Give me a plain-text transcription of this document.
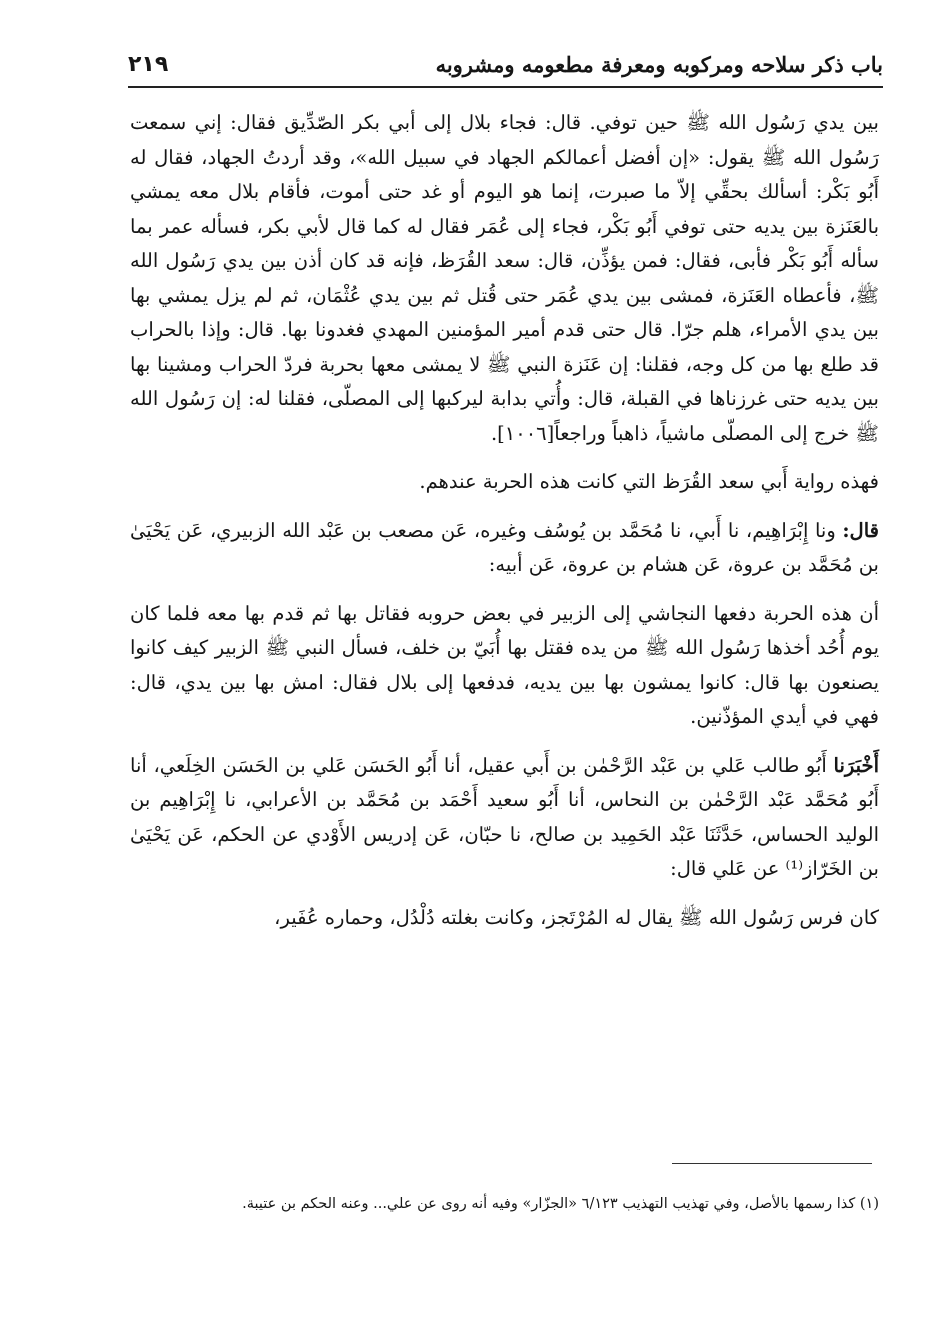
باب ذكر سلاحه ومركوبه ومعرفة مطعومه ومشروبه
٢١٩

بين يدي رَسُول الله ﷺ حين توفي. قال: فجاء بلال إلى أبي بكر الصّدِّيق فقال: إني سمعت رَسُول الله ﷺ يقول: «إن أفضل أعمالكم الجهاد في سبيل الله»، وقد أردتُ الجهاد، فقال له أَبُو بَكْر: أسألك بحقِّي إلاّ ما صبرت، إنما هو اليوم أو غد حتى أموت، فأقام بلال معه يمشي بالعَنَزة بين يديه حتى توفي أَبُو بَكْر، فجاء إلى عُمَر فقال له كما قال لأبي بكر، فسأله عمر بما سأله أَبُو بَكْر فأبى، فقال: فمن يؤذِّن، قال: سعد القُرَظ، فإنه قد كان أذن بين يدي رَسُول الله ﷺ، فأعطاه العَنَزة، فمشى بين يدي عُمَر حتى قُتل ثم بين يدي عُثْمَان، ثم لم يزل يمشي بها بين يدي الأمراء، هلم جرّا. قال حتى قدم أمير المؤمنين المهدي فغدونا بها. قال: وإذا بالحراب قد طلع بها من كل وجه، فقلنا: إن عَنَزة النبي ﷺ لا يمشى معها بحربة فردّ الحراب ومشينا بها بين يديه حتى غرزناها في القبلة، قال: وأُتي بدابة ليركبها إلى المصلّى، فقلنا له: إن رَسُول الله ﷺ خرج إلى المصلّى ماشياً، ذاهباً وراجعاً[١٠٠٦].

فهذه رواية أَبي سعد القُرَظ التي كانت هذه الحربة عندهم.

قال: ونا إِبْرَاهِيم، نا أَبي، نا مُحَمَّد بن يُوسُف وغيره، عَن مصعب بن عَبْد الله الزبيري، عَن يَحْيَىٰ بن مُحَمَّد بن عروة، عَن هشام بن عروة، عَن أبيه:

أن هذه الحربة دفعها النجاشي إلى الزبير في بعض حروبه فقاتل بها ثم قدم بها معه فلما كان يوم أُحُد أخذها رَسُول الله ﷺ من يده فقتل بها أُبَيّ بن خلف، فسأل النبي ﷺ الزبير كيف كانوا يصنعون بها قال: كانوا يمشون بها بين يديه، فدفعها إلى بلال فقال: امش بها بين يدي، قال: فهي في أيدي المؤذّنين.

أَخْبَرَنا أَبُو طالب عَلي بن عَبْد الرَّحْمٰن بن أَبي عقيل، أنا أَبُو الحَسَن عَلي بن الحَسَن الخِلَعي، أنا أَبُو مُحَمَّد عَبْد الرَّحْمٰن بن النحاس، أنا أَبُو سعيد أَحْمَد بن مُحَمَّد بن الأعرابي، نا إِبْرَاهِيم بن الوليد الحساس، حَدَّثَنَا عَبْد الحَمِيد بن صالح، نا حبّان، عَن إدريس الأَوْدي عن الحكم، عَن يَحْيَىٰ بن الخَرّاز⁽¹⁾ عن عَلي قال:

كان فرس رَسُول الله ﷺ يقال له المُرْتَجز، وكانت بغلته دُلْدُل، وحماره عُفَير،

(١) كذا رسمها بالأصل، وفي تهذيب التهذيب ٦/١٢٣ «الجزّار» وفيه أنه روى عن علي... وعنه الحكم بن عتيبة.
